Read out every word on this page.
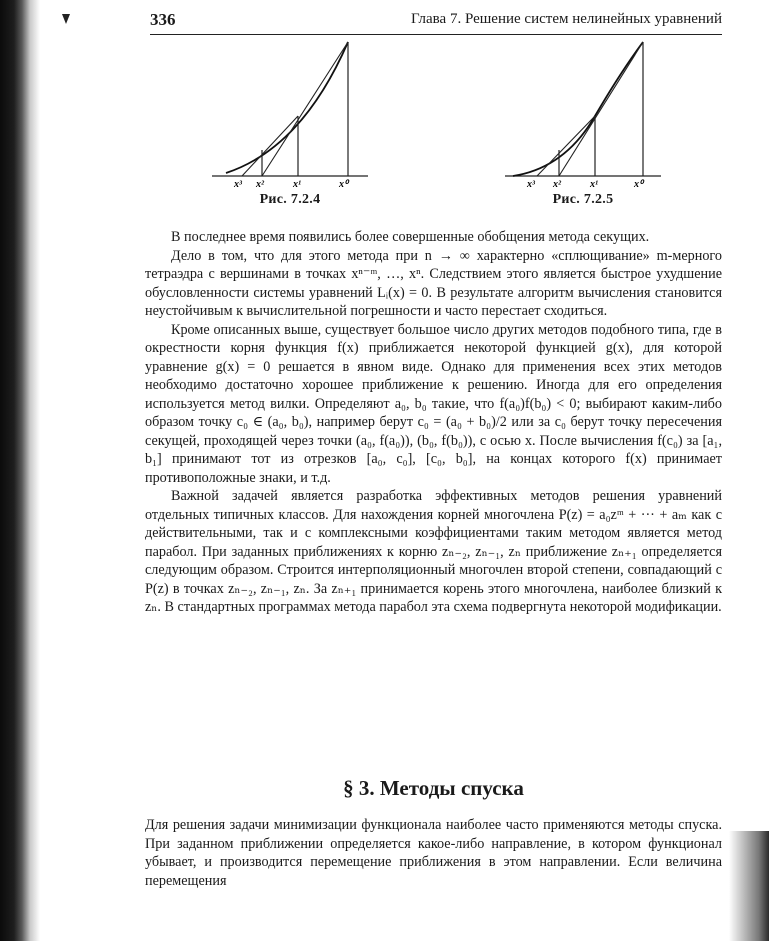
336	Глава 7. Решение систем нелинейных уравнений
x³ x²	x¹	x⁰
Рис. 7.2.4
x³ x²	x¹	x⁰
Рис. 7.2.5

В последнее время появились более совершенные обобщения метода секущих.

Дело в том, что для этого метода при n → ∞ характерно «сплющивание» m-мерного тетраэдра с вершинами в точках xⁿ⁻ᵐ, …, xⁿ. Следствием этого является быстрое ухудшение обусловленности системы уравнений Lᵢ(x) = 0. В результате алгоритм вычисления становится неустойчивым к вычислительной погрешности и часто перестает сходиться.

Кроме описанных выше, существует большое число других методов подобного типа, где в окрестности корня функция f(x) приближается некоторой функцией g(x), для которой уравнение g(x) = 0 решается в явном виде. Однако для применения всех этих методов необходимо достаточно хорошее приближение к решению. Иногда для его определения используется метод вилки. Определяют a₀, b₀ такие, что f(a₀)f(b₀) < 0; выбирают каким-либо образом точку c₀ ∈ (a₀, b₀), например берут c₀ = (a₀ + b₀)/2 или за c₀ берут точку пересечения секущей, проходящей через точки (a₀, f(a₀)), (b₀, f(b₀)), с осью x. После вычисления f(c₀) за [a₁, b₁] принимают тот из отрезков [a₀, c₀], [c₀, b₀], на концах которого f(x) принимает противоположные знаки, и т.д.

Важной задачей является разработка эффективных методов решения уравнений отдельных типичных классов. Для нахождения корней многочлена P(z) = a₀zᵐ + ··· + aₘ как с действительными, так и с комплексными коэффициентами таким методом является метод парабол. При заданных приближениях к корню zₙ₋₂, zₙ₋₁, zₙ приближение zₙ₊₁ определяется следующим образом. Строится интерполяционный многочлен второй степени, совпадающий с P(z) в точках zₙ₋₂, zₙ₋₁, zₙ. За zₙ₊₁ принимается корень этого многочлена, наиболее близкий к zₙ. В стандартных программах метода парабол эта схема подвергнута некоторой модификации.

§ 3. Методы спуска

Для решения задачи минимизации функционала наиболее часто применяются методы спуска. При заданном приближении определяется какое-либо направление, в котором функционал убывает, и производится перемещение приближения в этом направлении. Если величина перемещения
